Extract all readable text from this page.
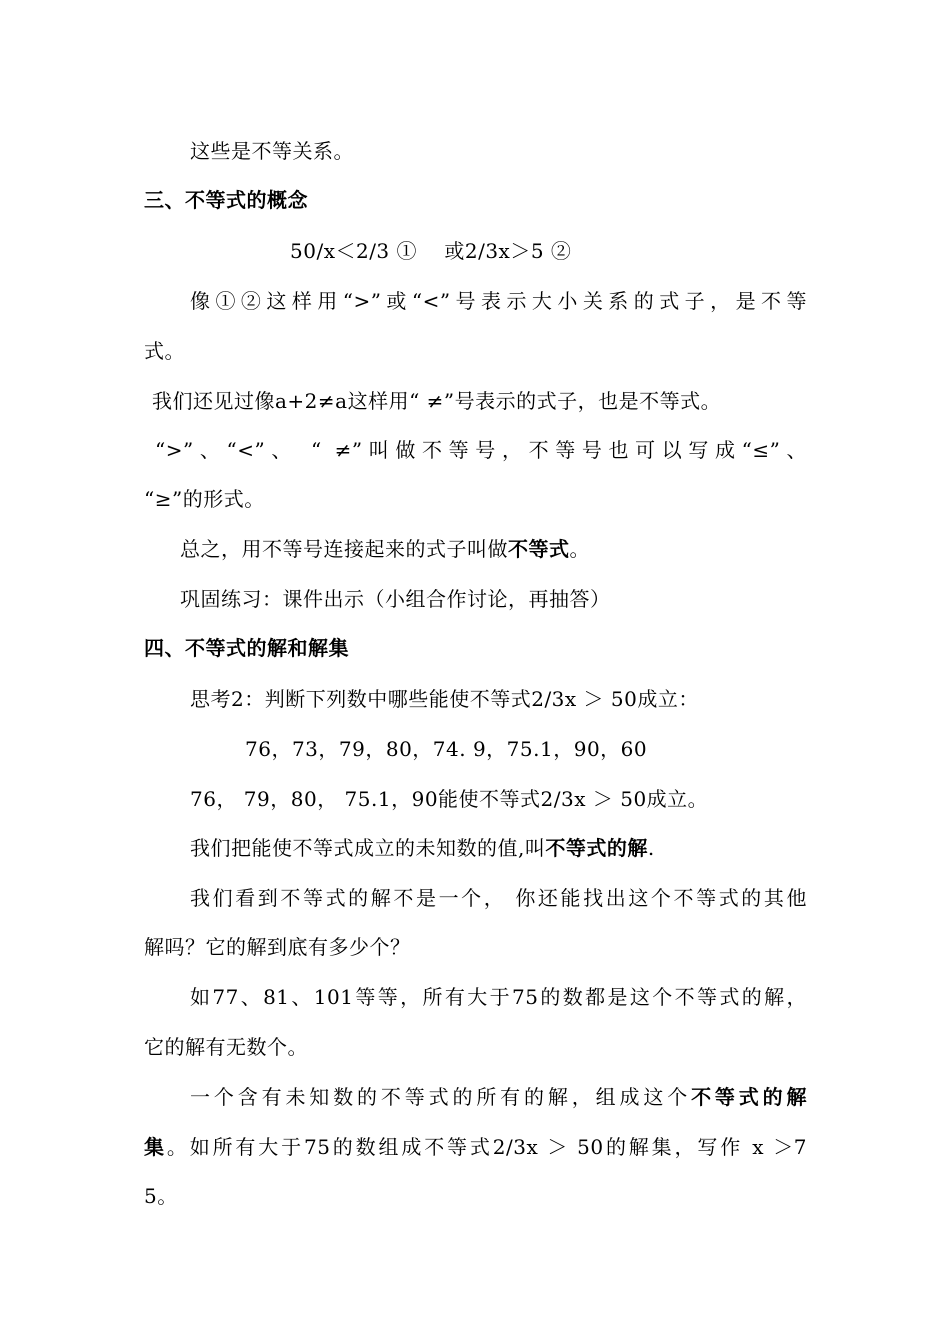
这些是不等关系。
三、不等式的概念
50/x＜2/3 ①　 或2/3x＞5 ②
像①②这样用“>”或“<”号表示大小关系的式子，是不等
式。
我们还见过像a+2≠a这样用“ ≠”号表示的式子，也是不等式。
“>”、“<”、 “ ≠”叫做不等号，不等号也可以写成“≤”、
“≥”的形式。
总之，用不等号连接起来的式子叫做不等式。
巩固练习：课件出示（小组合作讨论，再抽答）
四、不等式的解和解集
思考2：判断下列数中哪些能使不等式2/3x ＞ 50成立：
76，73，79，80，74. 9，75.1，90，60
76， 79，80， 75.1，90能使不等式2/3x ＞ 50成立。
我们把能使不等式成立的未知数的值,叫不等式的解.
我们看到不等式的解不是一个， 你还能找出这个不等式的其他
解吗？它的解到底有多少个？
如77、81、101等等，所有大于75的数都是这个不等式的解，
它的解有无数个。
一个含有未知数的不等式的所有的解，组成这个不等式的解
集。如所有大于75的数组成不等式2/3x ＞ 50的解集，写作 x ＞7
5。
